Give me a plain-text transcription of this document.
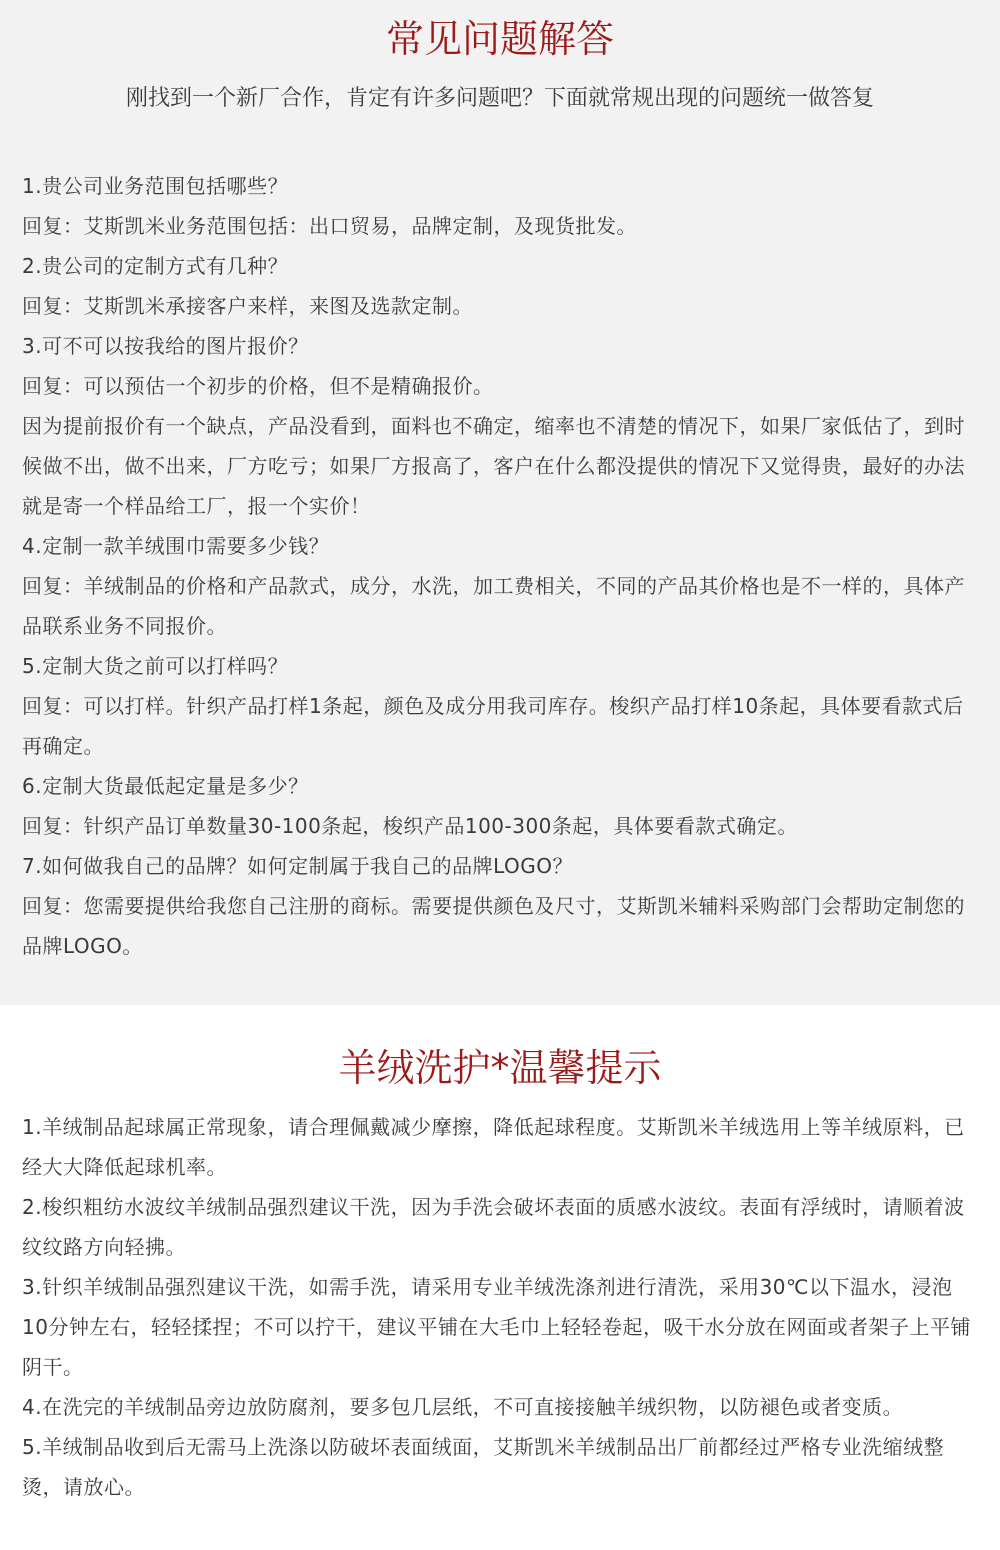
常见问题解答

刚找到一个新厂合作，肯定有许多问题吧？下面就常规出现的问题统一做答复

1.贵公司业务范围包括哪些？
回复：艾斯凯米业务范围包括：出口贸易，品牌定制，及现货批发。
2.贵公司的定制方式有几种？
回复：艾斯凯米承接客户来样，来图及选款定制。
3.可不可以按我给的图片报价？
回复：可以预估一个初步的价格，但不是精确报价。
因为提前报价有一个缺点，产品没看到，面料也不确定，缩率也不清楚的情况下，如果厂家低估了，到时候做不出，做不出来，厂方吃亏；如果厂方报高了，客户在什么都没提供的情况下又觉得贵，最好的办法就是寄一个样品给工厂，报一个实价！
4.定制一款羊绒围巾需要多少钱？
回复：羊绒制品的价格和产品款式，成分，水洗，加工费相关，不同的产品其价格也是不一样的，具体产品联系业务不同报价。
5.定制大货之前可以打样吗？
回复：可以打样。针织产品打样1条起，颜色及成分用我司库存。梭织产品打样10条起，具体要看款式后再确定。
6.定制大货最低起定量是多少？
回复：针织产品订单数量30-100条起，梭织产品100-300条起，具体要看款式确定。
7.如何做我自己的品牌？如何定制属于我自己的品牌LOGO？
回复：您需要提供给我您自己注册的商标。需要提供颜色及尺寸，艾斯凯米辅料采购部门会帮助定制您的品牌LOGO。
羊绒洗护*温馨提示
1.羊绒制品起球属正常现象，请合理佩戴减少摩擦，降低起球程度。艾斯凯米羊绒选用上等羊绒原料，已经大大降低起球机率。
2.梭织粗纺水波纹羊绒制品强烈建议干洗，因为手洗会破坏表面的质感水波纹。表面有浮绒时，请顺着波纹纹路方向轻拂。
3.针织羊绒制品强烈建议干洗，如需手洗，请采用专业羊绒洗涤剂进行清洗，采用30℃以下温水，浸泡10分钟左右，轻轻揉捏；不可以拧干，建议平铺在大毛巾上轻轻卷起，吸干水分放在网面或者架子上平铺阴干。
4.在洗完的羊绒制品旁边放防腐剂，要多包几层纸，不可直接接触羊绒织物，以防褪色或者变质。
5.羊绒制品收到后无需马上洗涤以防破坏表面绒面，艾斯凯米羊绒制品出厂前都经过严格专业洗缩绒整烫，请放心。
